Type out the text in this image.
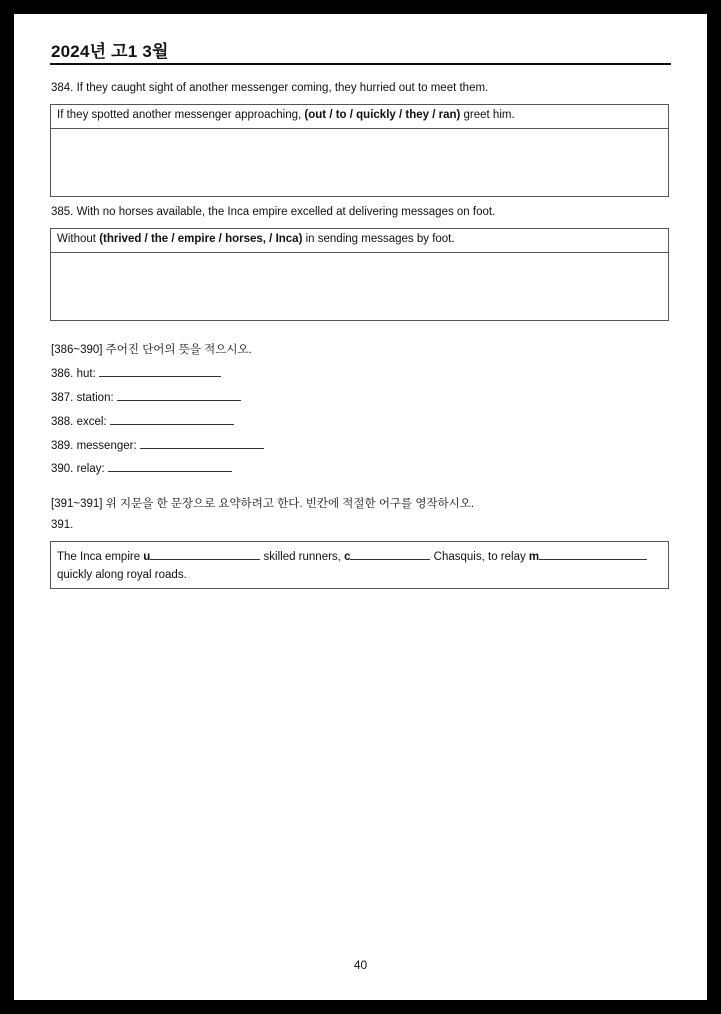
2024년 고1 3월
384. If they caught sight of another messenger coming, they hurried out to meet them.
If they spotted another messenger approaching, (out / to / quickly / they / ran) greet him.
385. With no horses available, the Inca empire excelled at delivering messages on foot.
Without (thrived / the / empire / horses, / Inca) in sending messages by foot.
[386~390] 주어진 단어의 뜻을 적으시오.
386. hut:
387. station:
388. excel:
389. messenger:
390. relay:
[391~391] 위 지문을 한 문장으로 요약하려고 한다. 빈칸에 적절한 어구를 영작하시오.
391.
The Inca empire u	skilled runners, c	Chasquis, to relay m
quickly along royal roads.
40
